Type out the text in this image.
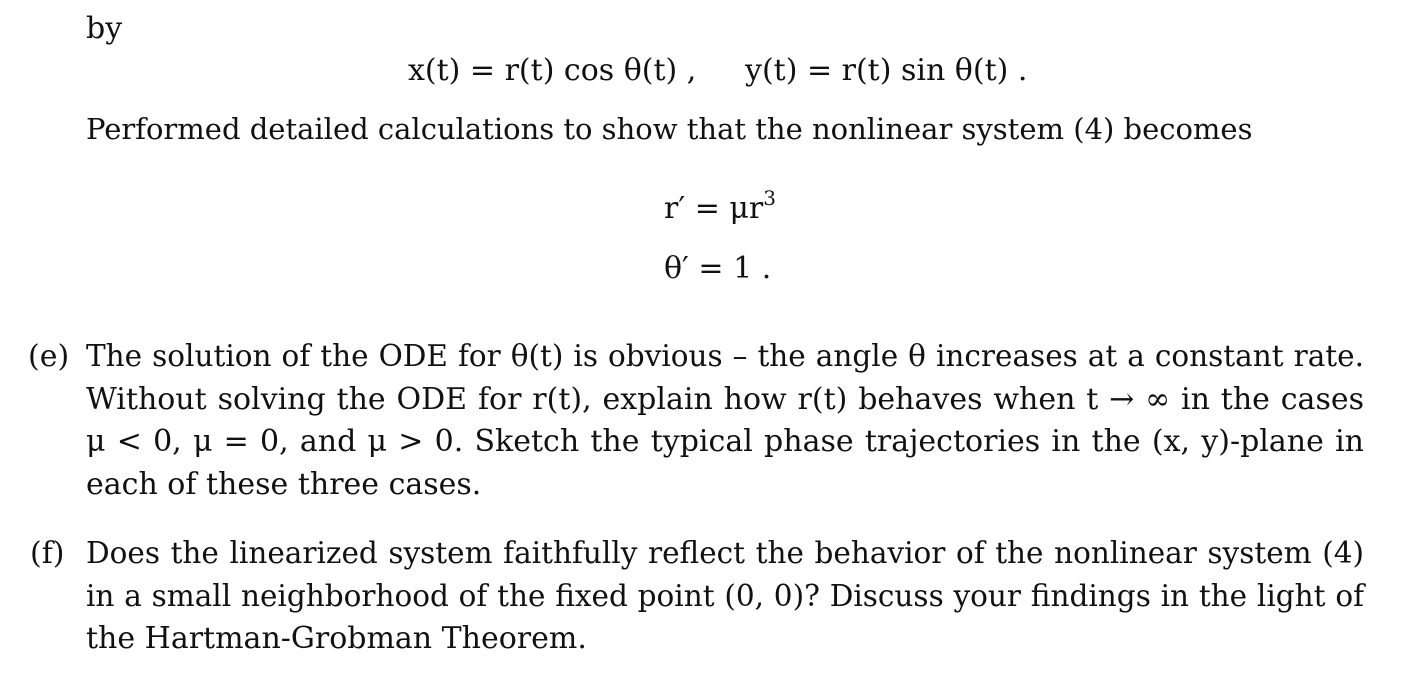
by
x(t) = r(t) cos θ(t) ,	y(t) = r(t) sin θ(t) .
Performed detailed calculations to show that the nonlinear system (4) becomes
$r' = \mu r^3$
θ′ = 1 .
(e) The solution of the ODE for θ(t) is obvious – the angle θ increases at a constant rate.
Without solving the ODE for r(t), explain how r(t) behaves when t → ∞ in the cases
μ < 0, μ = 0, and μ > 0. Sketch the typical phase trajectories in the (x, y)-plane in
each of these three cases.
(f) Does the linearized system faithfully reflect the behavior of the nonlinear system (4)
in a small neighborhood of the fixed point (0, 0)? Discuss your findings in the light of
the Hartman-Grobman Theorem.
